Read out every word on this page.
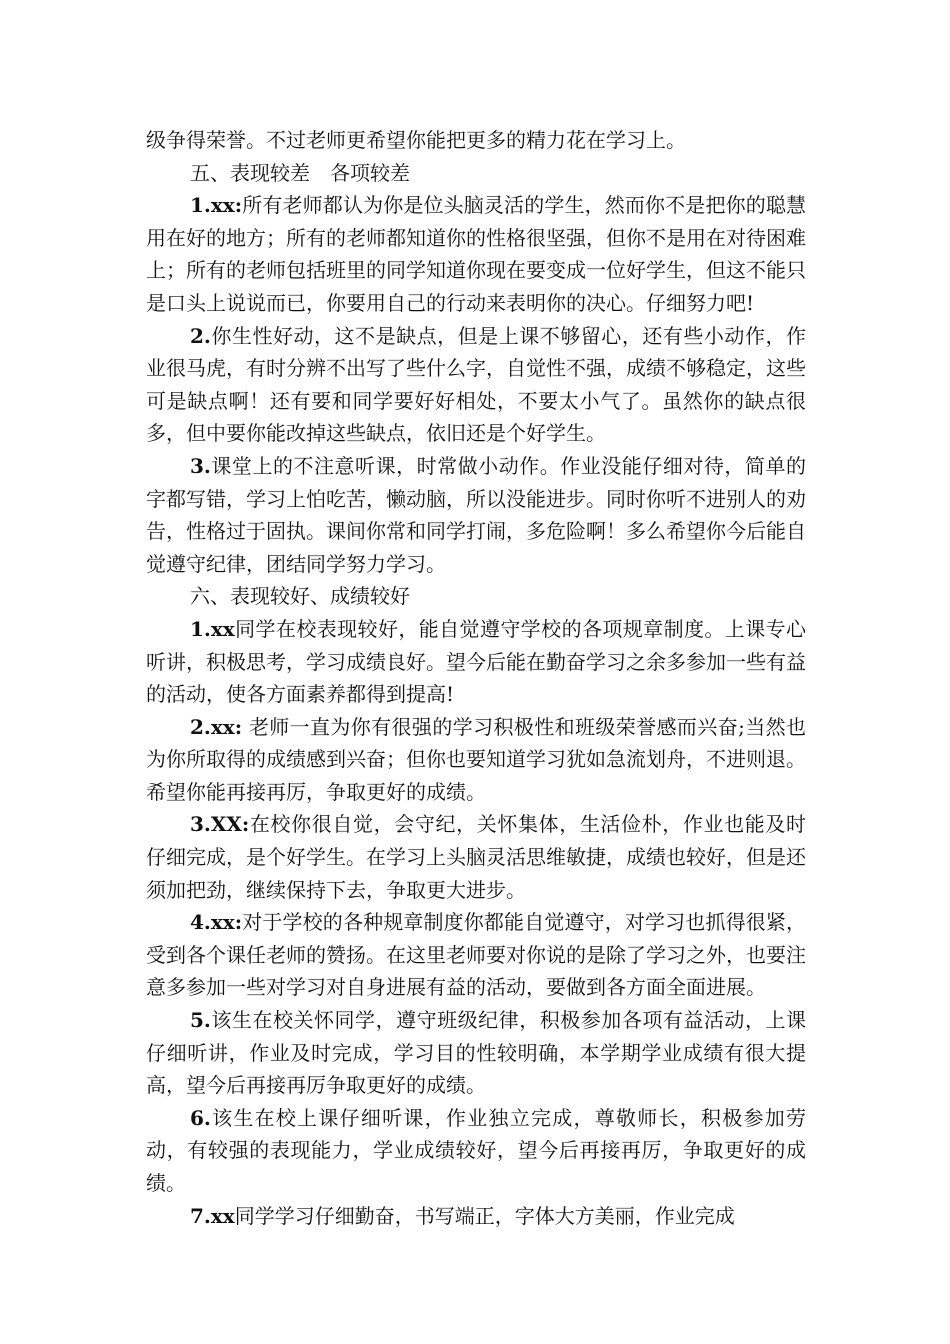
级争得荣誉。不过老师更希望你能把更多的精力花在学习上。

五、表现较差　各项较差

1.xx:所有老师都认为你是位头脑灵活的学生，然而你不是把你的聪慧用在好的地方；所有的老师都知道你的性格很坚强，但你不是用在对待困难上；所有的老师包括班里的同学知道你现在要变成一位好学生，但这不能只是口头上说说而已，你要用自己的行动来表明你的决心。仔细努力吧!

2.你生性好动，这不是缺点，但是上课不够留心，还有些小动作，作业很马虎，有时分辨不出写了些什么字，自觉性不强，成绩不够稳定，这些可是缺点啊！还有要和同学要好好相处，不要太小气了。虽然你的缺点很多，但中要你能改掉这些缺点，依旧还是个好学生。

3.课堂上的不注意听课，时常做小动作。作业没能仔细对待，简单的字都写错，学习上怕吃苦，懒动脑，所以没能进步。同时你听不进别人的劝告，性格过于固执。课间你常和同学打闹，多危险啊！多么希望你今后能自觉遵守纪律，团结同学努力学习。

六、表现较好、成绩较好

1.xx同学在校表现较好，能自觉遵守学校的各项规章制度。上课专心听讲，积极思考，学习成绩良好。望今后能在勤奋学习之余多参加一些有益的活动，使各方面素养都得到提高!

2.xx: 老师一直为你有很强的学习积极性和班级荣誉感而兴奋;当然也为你所取得的成绩感到兴奋；但你也要知道学习犹如急流划舟，不进则退。希望你能再接再厉，争取更好的成绩。

3.XX:在校你很自觉，会守纪，关怀集体，生活俭朴，作业也能及时仔细完成，是个好学生。在学习上头脑灵活思维敏捷，成绩也较好，但是还须加把劲，继续保持下去，争取更大进步。

4.xx:对于学校的各种规章制度你都能自觉遵守，对学习也抓得很紧，受到各个课任老师的赞扬。在这里老师要对你说的是除了学习之外，也要注意多参加一些对学习对自身进展有益的活动，要做到各方面全面进展。

5.该生在校关怀同学，遵守班级纪律，积极参加各项有益活动，上课仔细听讲，作业及时完成，学习目的性较明确，本学期学业成绩有很大提高，望今后再接再厉争取更好的成绩。

6.该生在校上课仔细听课，作业独立完成，尊敬师长，积极参加劳动，有较强的表现能力，学业成绩较好，望今后再接再厉，争取更好的成绩。

7.xx同学学习仔细勤奋，书写端正，字体大方美丽，作业完成
